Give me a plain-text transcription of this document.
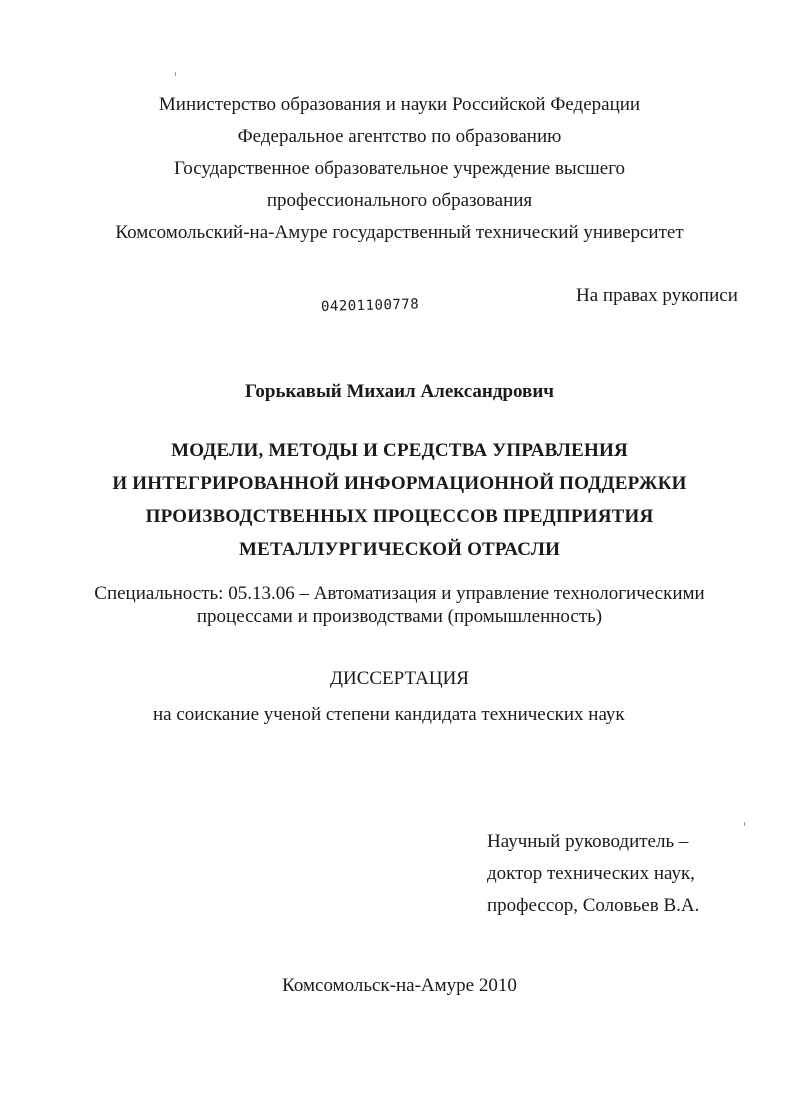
Министерство образования и науки Российской Федерации
Федеральное агентство по образованию
Государственное образовательное учреждение высшего
профессионального образования
Комсомольский-на-Амуре государственный технический университет
На правах рукописи
04201100778
Горькавый Михаил Александрович
МОДЕЛИ, МЕТОДЫ И СРЕДСТВА УПРАВЛЕНИЯ
И ИНТЕГРИРОВАННОЙ ИНФОРМАЦИОННОЙ ПОДДЕРЖКИ
ПРОИЗВОДСТВЕННЫХ ПРОЦЕССОВ ПРЕДПРИЯТИЯ
МЕТАЛЛУРГИЧЕСКОЙ ОТРАСЛИ
Специальность: 05.13.06 – Автоматизация и управление технологическими
процессами и производствами (промышленность)
ДИССЕРТАЦИЯ
на соискание ученой степени кандидата технических наук
Научный руководитель –
доктор технических наук,
профессор, Соловьев В.А.
Комсомольск-на-Амуре 2010
